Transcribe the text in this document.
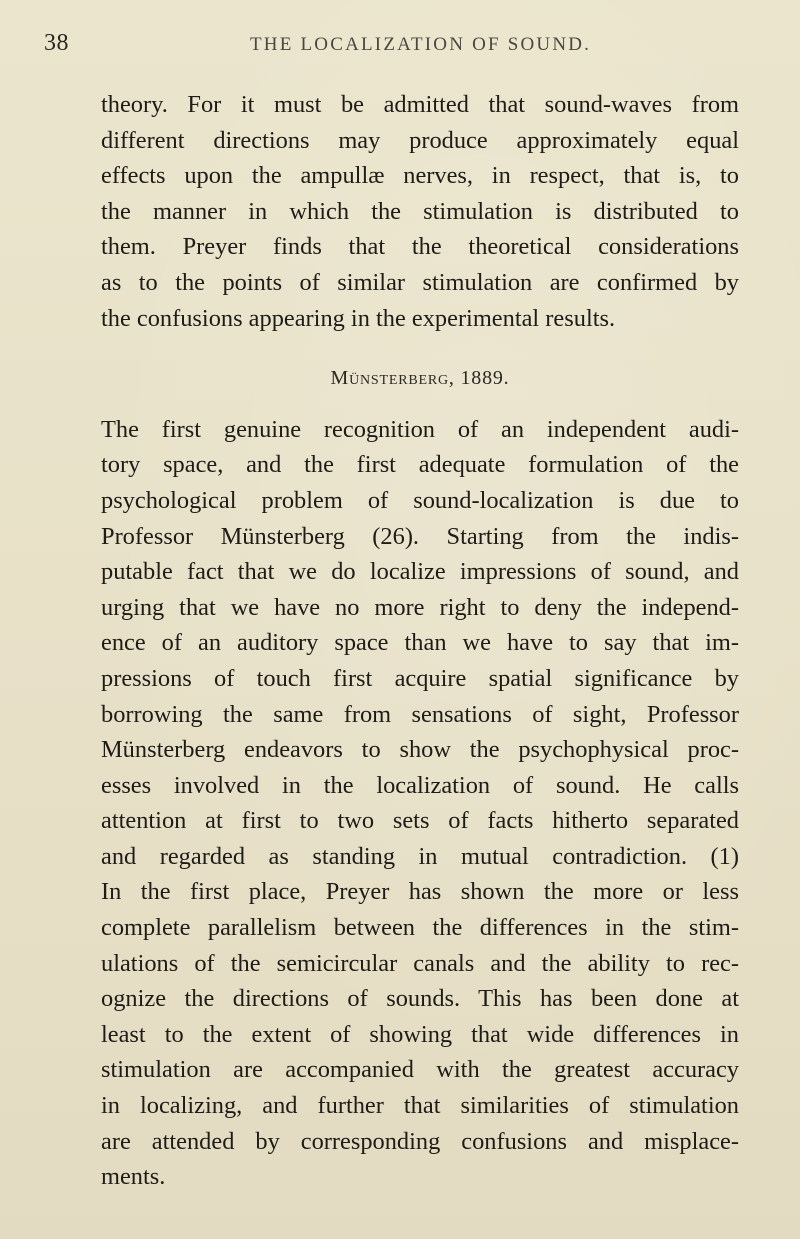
38	THE LOCALIZATION OF SOUND.
theory. For it must be admitted that sound-waves from
different directions may produce approximately equal
effects upon the ampullæ nerves, in respect, that is, to
the manner in which the stimulation is distributed to
them. Preyer finds that the theoretical considerations
as to the points of similar stimulation are confirmed by
the confusions appearing in the experimental results.
Münsterberg, 1889.
The first genuine recognition of an independent audi-
tory space, and the first adequate formulation of the
psychological problem of sound-localization is due to
Professor Münsterberg (26). Starting from the indis-
putable fact that we do localize impressions of sound, and
urging that we have no more right to deny the independ-
ence of an auditory space than we have to say that im-
pressions of touch first acquire spatial significance by
borrowing the same from sensations of sight, Professor
Münsterberg endeavors to show the psychophysical proc-
esses involved in the localization of sound. He calls
attention at first to two sets of facts hitherto separated
and regarded as standing in mutual contradiction. (1)
In the first place, Preyer has shown the more or less
complete parallelism between the differences in the stim-
ulations of the semicircular canals and the ability to rec-
ognize the directions of sounds. This has been done at
least to the extent of showing that wide differences in
stimulation are accompanied with the greatest accuracy
in localizing, and further that similarities of stimulation
are attended by corresponding confusions and misplace-
ments.
